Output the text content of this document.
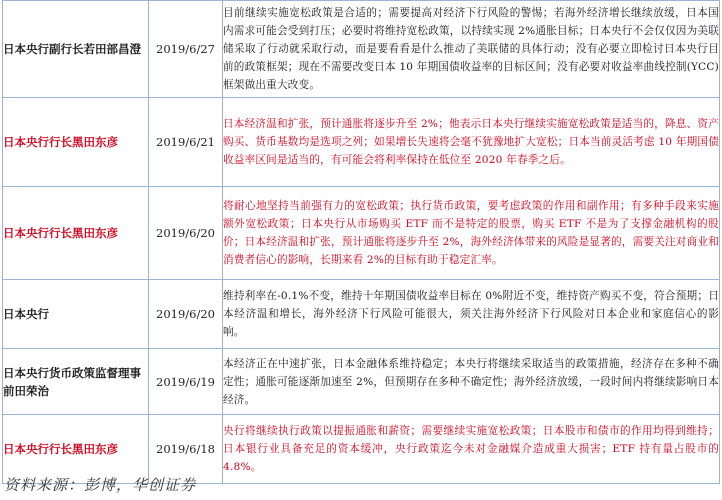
日本央行副行长若田部昌澄	2019/6/27	目前继续实施宽松政策是合适的；需要提高对经济下行风险的警惕；若海外经济增长继续放缓，日本国内需求可能会受到打压；必要时将维持宽松政策，以持续实现 2%通胀目标；日本央行不会仅仅因为美联储采取了行动就采取行动，而是要看看是什么推动了美联储的具体行动；没有必要立即检讨日本央行目前的政策框架；现在不需要改变日本 10 年期国债收益率的目标区间；没有必要对收益率曲线控制(YCC)框架做出重大改变。
日本央行行长黑田东彦	2019/6/21	日本经济温和扩张，预计通胀将逐步升至 2%；他表示日本央行继续实施宽松政策是适当的，降息、资产购买、货币基数均是选项之列；如果增长失速将会毫不犹豫地扩大宽松；日本当前灵活考虑 10 年期国债收益率区间是适当的，有可能会将利率保持在低位至 2020 年春季之后。
日本央行行长黑田东彦	2019/6/20	将耐心地坚持当前强有力的宽松政策；执行货币政策，要考虑政策的作用和副作用；有多种手段来实施额外宽松政策；日本央行从市场购买 ETF 而不是特定的股票，购买 ETF 不是为了支撑金融机构的股价；日本经济温和扩张，预计通胀将逐步升至 2%，海外经济体带来的风险是显著的，需要关注对商业和消费者信心的影响，长期来看 2%的目标有助于稳定汇率。
日本央行	2019/6/20	维持利率在-0.1%不变，维持十年期国债收益率目标在 0%附近不变，维持资产购买不变，符合预期；日本经济温和增长，海外经济下行风险可能很大，须关注海外经济下行风险对日本企业和家庭信心的影响。
日本央行货币政策监督理事前田荣治	2019/6/19	本经济正在中速扩张，日本金融体系维持稳定；本央行将继续采取适当的政策措施，经济存在多种不确定性；通胀可能逐渐加速至 2%，但预期存在多种不确定性；海外经济放缓，一段时间内将继续影响日本经济。
日本央行行长黑田东彦	2019/6/18	央行将继续执行政策以提振通胀和薪资；需要继续实施宽松政策；日本股市和债市的作用均得到维持；日本银行业具备充足的资本缓冲，央行政策迄今未对金融媒介造成重大损害；ETF 持有量占股市的 4.8%。
资料来源：彭博，华创证券
